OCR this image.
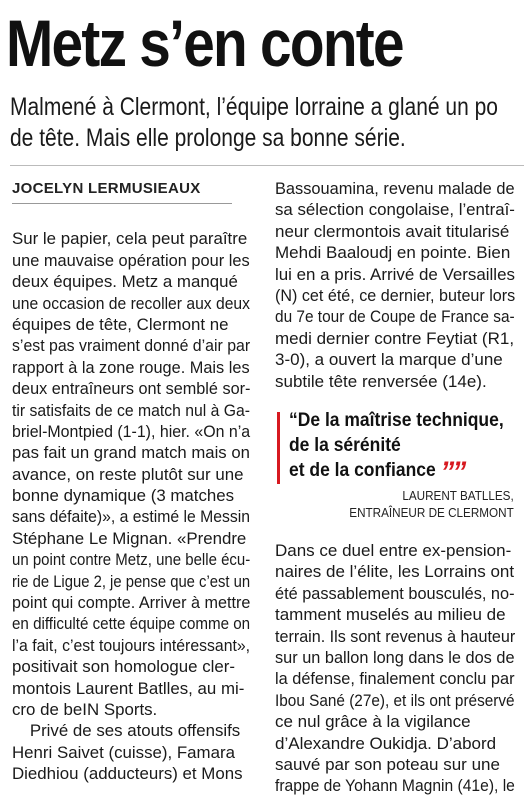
Metz s’en conte
Malmené à Clermont, l’équipe lorraine a glané un po
de tête. Mais elle prolonge sa bonne série.
JOCELYN LERMUSIEAUX
Sur le papier, cela peut paraître
une mauvaise opération pour les
deux équipes. Metz a manqué
une occasion de recoller aux deux
équipes de tête, Clermont ne
s’est pas vraiment donné d’air par
rapport à la zone rouge. Mais les
deux entraîneurs ont semblé sor-
tir satisfaits de ce match nul à Ga-
briel-Montpied (1-1), hier. «On n’a
pas fait un grand match mais on
avance, on reste plutôt sur une
bonne dynamique (3 matches
sans défaite)», a estimé le Messin
Stéphane Le Mignan. «Prendre
un point contre Metz, une belle écu-
rie de Ligue 2, je pense que c’est un
point qui compte. Arriver à mettre
en difficulté cette équipe comme on
l’a fait, c’est toujours intéressant»,
positivait son homologue cler-
montois Laurent Batlles, au mi-
cro de beIN Sports.
Privé de ses atouts offensifs
Henri Saivet (cuisse), Famara
Diedhiou (adducteurs) et Mons
Bassouamina, revenu malade de
sa sélection congolaise, l’entraî-
neur clermontois avait titularisé
Mehdi Baaloudj en pointe. Bien
lui en a pris. Arrivé de Versailles
(N) cet été, ce dernier, buteur lors
du 7e tour de Coupe de France sa-
medi dernier contre Feytiat (R1,
3-0), a ouvert la marque d’une
subtile tête renversée (14e).
“De la maîtrise technique,
de la sérénité
et de la confiance ””
LAURENT BATLLES,
ENTRAÎNEUR DE CLERMONT
Dans ce duel entre ex-pension-
naires de l’élite, les Lorrains ont
été passablement bousculés, no-
tamment muselés au milieu de
terrain. Ils sont revenus à hauteur
sur un ballon long dans le dos de
la défense, finalement conclu par
Ibou Sané (27e), et ils ont préservé
ce nul grâce à la vigilance
d’Alexandre Oukidja. D’abord
sauvé par son poteau sur une
frappe de Yohann Magnin (41e), le
